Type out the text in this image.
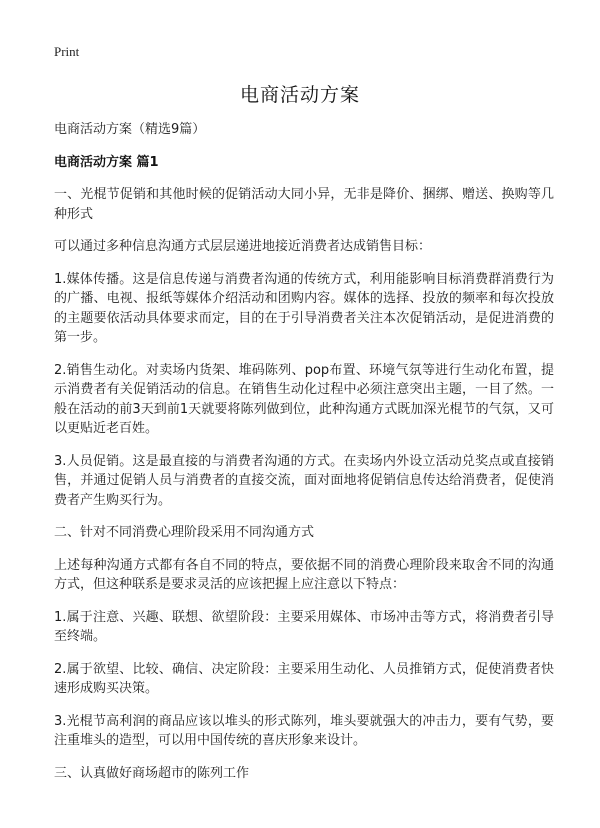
Print
电商活动方案

电商活动方案（精选9篇）

电商活动方案 篇1

一、光棍节促销和其他时候的促销活动大同小异，无非是降价、捆绑、赠送、换购等几种形式

可以通过多种信息沟通方式层层递进地接近消费者达成销售目标：

1.媒体传播。这是信息传递与消费者沟通的传统方式，利用能影响目标消费群消费行为的广播、电视、报纸等媒体介绍活动和团购内容。媒体的选择、投放的频率和每次投放的主题要依活动具体要求而定，目的在于引导消费者关注本次促销活动，是促进消费的第一步。

2.销售生动化。对卖场内货架、堆码陈列、pop布置、环境气氛等进行生动化布置，提示消费者有关促销活动的信息。在销售生动化过程中必须注意突出主题，一目了然。一般在活动的前3天到前1天就要将陈列做到位，此种沟通方式既加深光棍节的气氛，又可以更贴近老百姓。

3.人员促销。这是最直接的与消费者沟通的方式。在卖场内外设立活动兑奖点或直接销售，并通过促销人员与消费者的直接交流，面对面地将促销信息传达给消费者，促使消费者产生购买行为。

二、针对不同消费心理阶段采用不同沟通方式

上述每种沟通方式都有各自不同的特点，要依据不同的消费心理阶段来取舍不同的沟通方式，但这种联系是要求灵活的应该把握上应注意以下特点：

1.属于注意、兴趣、联想、欲望阶段：主要采用媒体、市场冲击等方式，将消费者引导至终端。

2.属于欲望、比较、确信、决定阶段：主要采用生动化、人员推销方式，促使消费者快速形成购买决策。

3.光棍节高利润的商品应该以堆头的形式陈列，堆头要就强大的冲击力，要有气势，要注重堆头的造型，可以用中国传统的喜庆形象来设计。

三、认真做好商场超市的陈列工作
